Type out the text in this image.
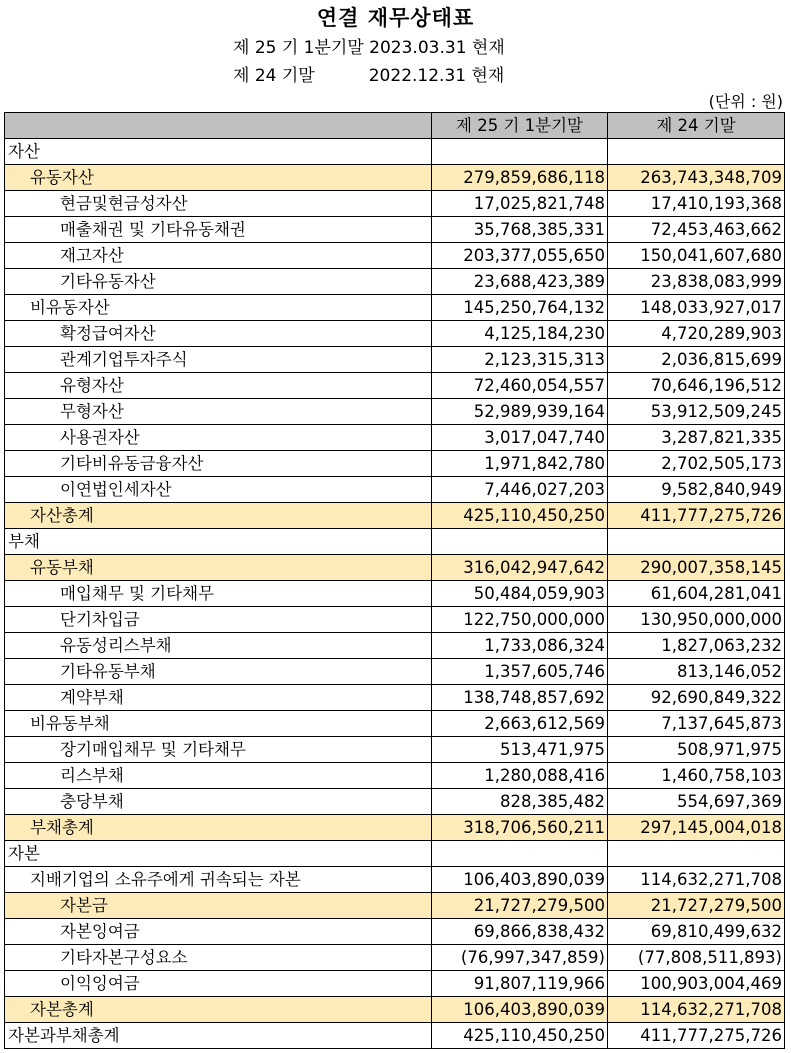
연결 재무상태표
제 25 기 1분기말 2023.03.31 현재
제 24 기말          2022.12.31 현재
(단위 : 원)
	제 25 기 1분기말	제 24 기말
자산		
유동자산	279,859,686,118	263,743,348,709
현금및현금성자산	17,025,821,748	17,410,193,368
매출채권 및 기타유동채권	35,768,385,331	72,453,463,662
재고자산	203,377,055,650	150,041,607,680
기타유동자산	23,688,423,389	23,838,083,999
비유동자산	145,250,764,132	148,033,927,017
확정급여자산	4,125,184,230	4,720,289,903
관계기업투자주식	2,123,315,313	2,036,815,699
유형자산	72,460,054,557	70,646,196,512
무형자산	52,989,939,164	53,912,509,245
사용권자산	3,017,047,740	3,287,821,335
기타비유동금융자산	1,971,842,780	2,702,505,173
이연법인세자산	7,446,027,203	9,582,840,949
자산총계	425,110,450,250	411,777,275,726
부채		
유동부채	316,042,947,642	290,007,358,145
매입채무 및 기타채무	50,484,059,903	61,604,281,041
단기차입금	122,750,000,000	130,950,000,000
유동성리스부채	1,733,086,324	1,827,063,232
기타유동부채	1,357,605,746	813,146,052
계약부채	138,748,857,692	92,690,849,322
비유동부채	2,663,612,569	7,137,645,873
장기매입채무 및 기타채무	513,471,975	508,971,975
리스부채	1,280,088,416	1,460,758,103
충당부채	828,385,482	554,697,369
부채총계	318,706,560,211	297,145,004,018
자본		
지배기업의 소유주에게 귀속되는 자본	106,403,890,039	114,632,271,708
자본금	21,727,279,500	21,727,279,500
자본잉여금	69,866,838,432	69,810,499,632
기타자본구성요소	(76,997,347,859)	(77,808,511,893)
이익잉여금	91,807,119,966	100,903,004,469
자본총계	106,403,890,039	114,632,271,708
자본과부채총계	425,110,450,250	411,777,275,726
